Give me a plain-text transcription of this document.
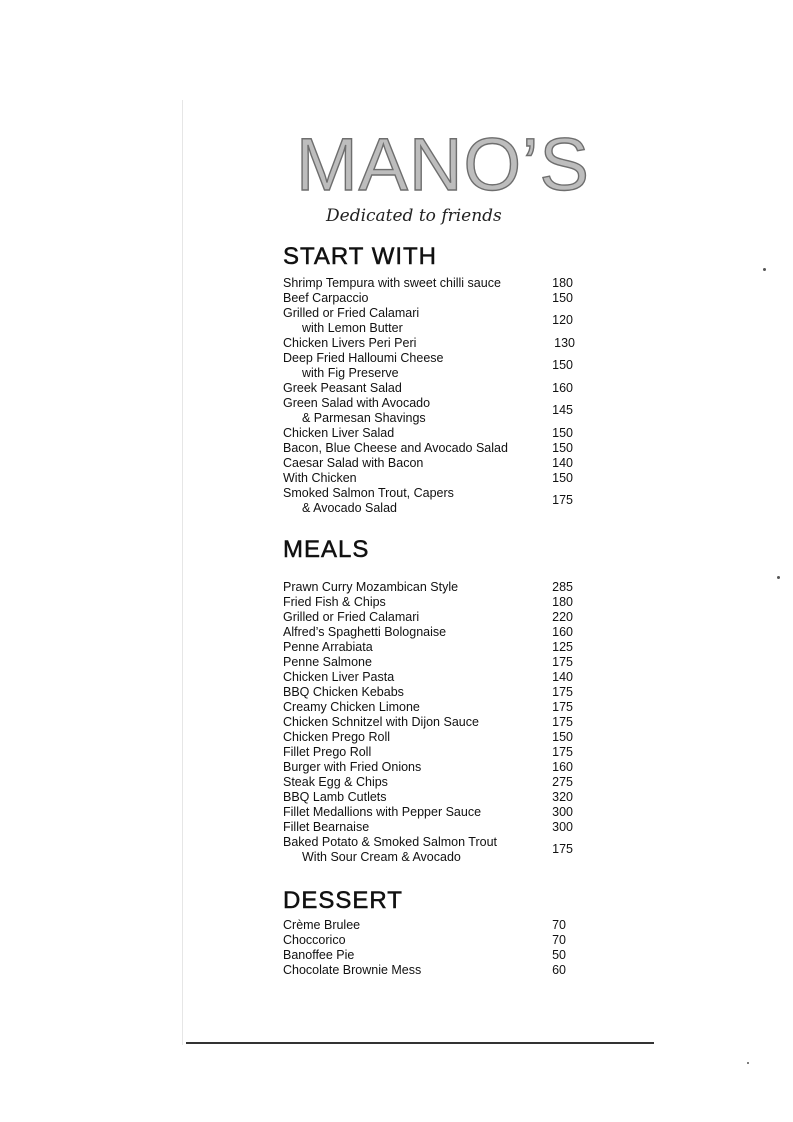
MANO’S

Dedicated to friends

START WITH
Shrimp Tempura with sweet chilli sauce	180
Beef Carpaccio	150
Grilled or Fried Calamari
with Lemon Butter
120
Chicken Livers Peri Peri	130
Deep Fried Halloumi Cheese
with Fig Preserve
150
Greek Peasant Salad	160
Green Salad with Avocado
& Parmesan Shavings
145
Chicken Liver Salad	150
Bacon, Blue Cheese and Avocado Salad	150
Caesar Salad with Bacon	140
With Chicken	150
Smoked Salmon Trout, Capers
& Avocado Salad
175
MEALS
Prawn Curry Mozambican Style	285
Fried Fish & Chips	180
Grilled or Fried Calamari	220
Alfred’s Spaghetti Bolognaise	160
Penne Arrabiata	125
Penne Salmone	175
Chicken Liver Pasta	140
BBQ Chicken Kebabs	175
Creamy Chicken Limone	175
Chicken Schnitzel with Dijon Sauce	175
Chicken Prego Roll	150
Fillet Prego Roll	175
Burger with Fried Onions	160
Steak Egg & Chips	275
BBQ Lamb Cutlets	320
Fillet Medallions with Pepper Sauce	300
Fillet Bearnaise	300
Baked Potato & Smoked Salmon Trout
With Sour Cream & Avocado
175
DESSERT
Crème Brulee	70
Choccorico	70
Banoffee Pie	50
Chocolate Brownie Mess	60
